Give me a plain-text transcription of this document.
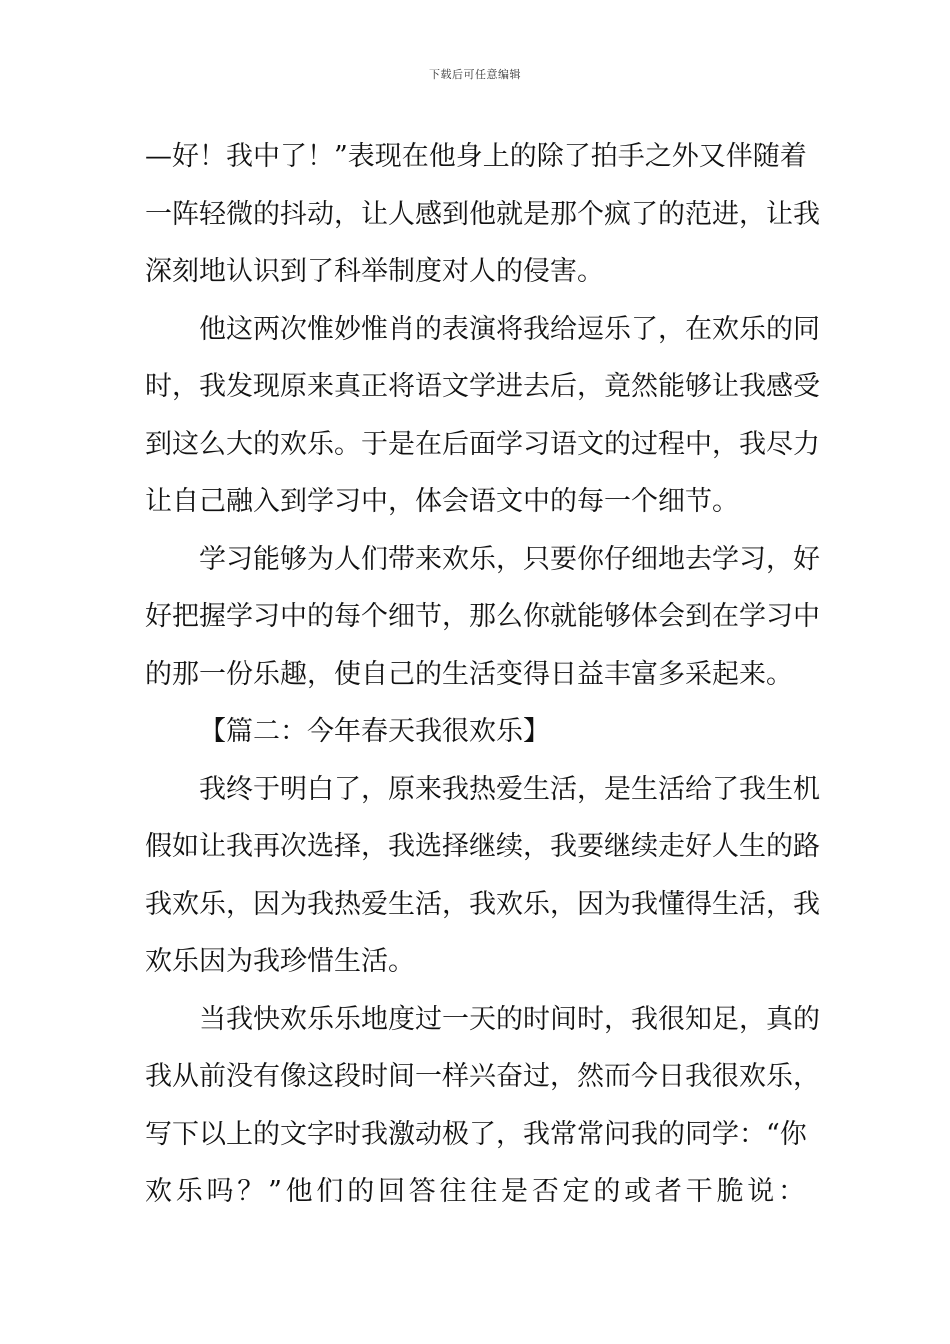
下载后可任意编辑
—好！我中了！”表现在他身上的除了拍手之外又伴随着
一阵轻微的抖动，让人感到他就是那个疯了的范进，让我
深刻地认识到了科举制度对人的侵害。
他这两次惟妙惟肖的表演将我给逗乐了，在欢乐的同
时，我发现原来真正将语文学进去后，竟然能够让我感受
到这么大的欢乐。于是在后面学习语文的过程中，我尽力
让自己融入到学习中，体会语文中的每一个细节。
学习能够为人们带来欢乐，只要你仔细地去学习，好
好把握学习中的每个细节，那么你就能够体会到在学习中
的那一份乐趣，使自己的生活变得日益丰富多采起来。
【篇二：今年春天我很欢乐】
我终于明白了，原来我热爱生活，是生活给了我生机
假如让我再次选择，我选择继续，我要继续走好人生的路
我欢乐，因为我热爱生活，我欢乐，因为我懂得生活，我
欢乐因为我珍惜生活。
当我快欢乐乐地度过一天的时间时，我很知足，真的
我从前没有像这段时间一样兴奋过，然而今日我很欢乐，
写下以上的文字时我激动极了，我常常问我的同学：“你
欢乐吗？”他们的回答往往是否定的或者干脆说：
